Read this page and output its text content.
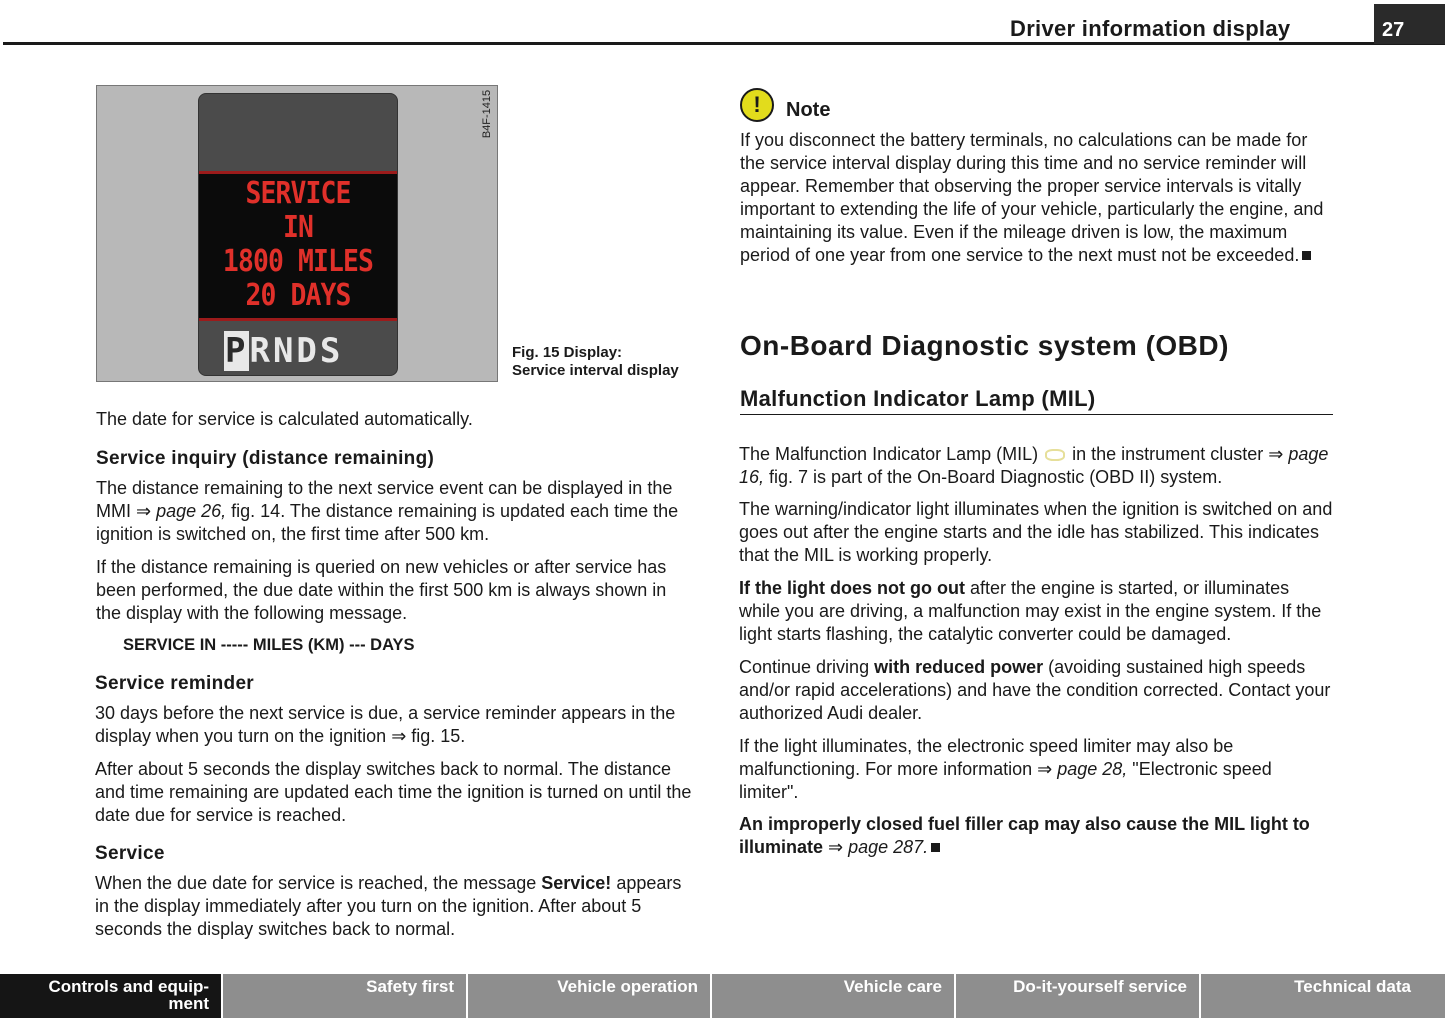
Driver information display	27
SERVICE
IN
1800 MILES
20 DAYS
PRNDS
B4F-1415
Fig. 15 Display:
Service interval display
The date for service is calculated automatically.
Service inquiry (distance remaining)
The distance remaining to the next service event can be displayed in the MMI ⇒ page 26, fig. 14. The distance remaining is updated each time the ignition is switched on, the first time after 500 km.
If the distance remaining is queried on new vehicles or after service has been performed, the due date within the first 500 km is always shown in the display with the following message.
SERVICE IN ----- MILES (KM) --- DAYS
Service reminder
30 days before the next service is due, a service reminder appears in the display when you turn on the ignition ⇒ fig. 15.
After about 5 seconds the display switches back to normal. The distance and time remaining are updated each time the ignition is turned on until the date due for service is reached.
Service
When the due date for service is reached, the message Service! appears in the display immediately after you turn on the ignition. After about 5 seconds the display switches back to normal.
!	Note
If you disconnect the battery terminals, no calculations can be made for the service interval display during this time and no service reminder will appear. Remember that observing the proper service intervals is vitally important to extending the life of your vehicle, particularly the engine, and maintaining its value. Even if the mileage driven is low, the maximum period of one year from one service to the next must not be exceeded.
On-Board Diagnostic system (OBD)
Malfunction Indicator Lamp (MIL)
The Malfunction Indicator Lamp (MIL)  in the instrument cluster ⇒ page 16, fig. 7 is part of the On-Board Diagnostic (OBD II) system.
The warning/indicator light illuminates when the ignition is switched on and goes out after the engine starts and the idle has stabilized. This indicates that the MIL is working properly.
If the light does not go out after the engine is started, or illuminates while you are driving, a malfunction may exist in the engine system. If the light starts flashing, the catalytic converter could be damaged.
Continue driving with reduced power (avoiding sustained high speeds and/or rapid accelerations) and have the condition corrected. Contact your authorized Audi dealer.
If the light illuminates, the electronic speed limiter may also be malfunctioning. For more information ⇒ page 28, "Electronic speed limiter".
An improperly closed fuel filler cap may also cause the MIL light to illuminate ⇒ page 287.
Controls and equip-
ment
Safety first	Vehicle operation	Vehicle care	Do-it-yourself service	Technical data
